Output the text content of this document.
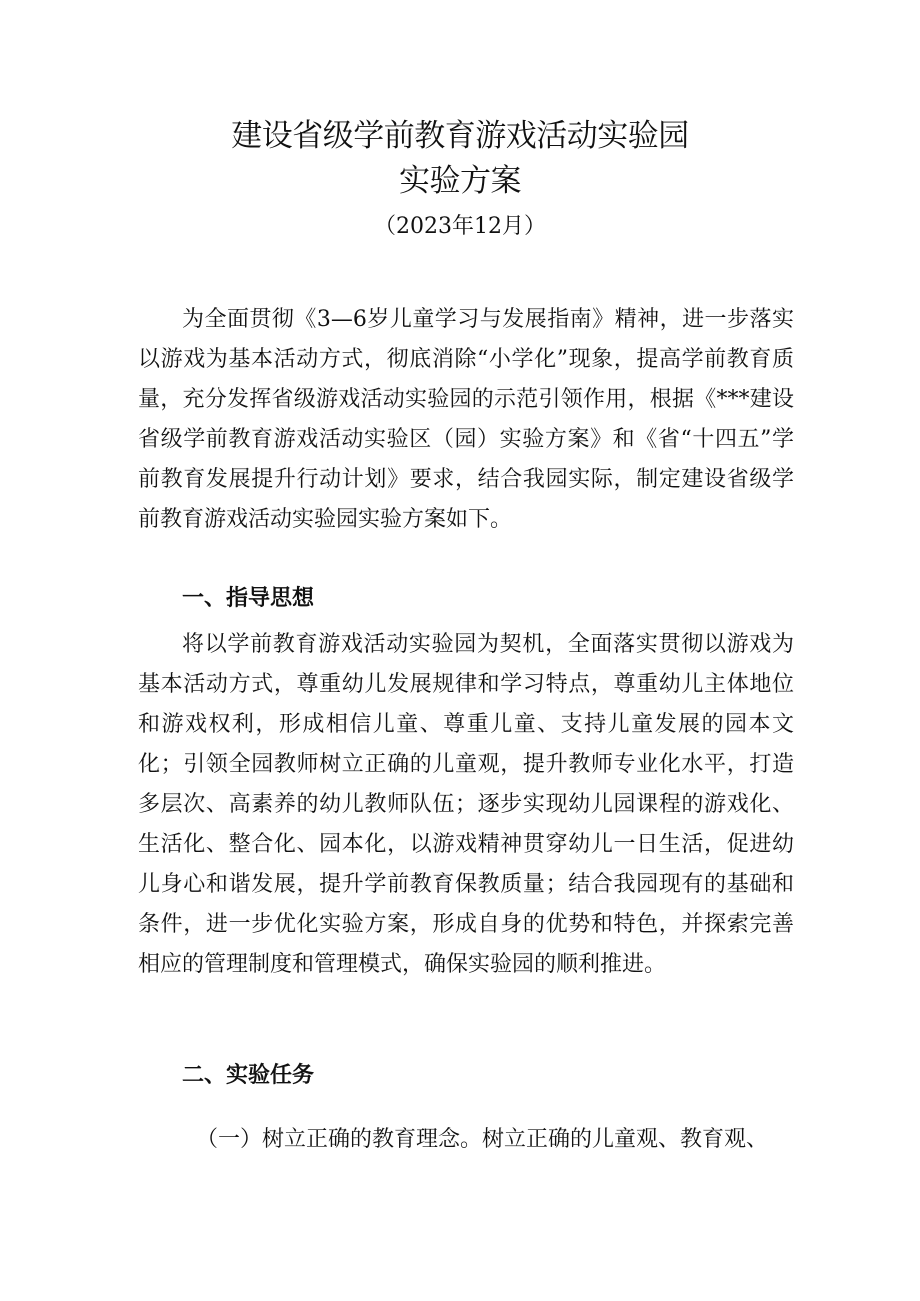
建设省级学前教育游戏活动实验园
实验方案
（2023年12月）

为全面贯彻《3—6岁儿童学习与发展指南》精神，进一步落实以游戏为基本活动方式，彻底消除“小学化”现象，提高学前教育质量，充分发挥省级游戏活动实验园的示范引领作用，根据《***建设省级学前教育游戏活动实验区（园）实验方案》和《省“十四五”学前教育发展提升行动计划》要求，结合我园实际，制定建设省级学前教育游戏活动实验园实验方案如下。

一、指导思想

将以学前教育游戏活动实验园为契机，全面落实贯彻以游戏为基本活动方式，尊重幼儿发展规律和学习特点，尊重幼儿主体地位和游戏权利，形成相信儿童、尊重儿童、支持儿童发展的园本文化；引领全园教师树立正确的儿童观，提升教师专业化水平，打造多层次、高素养的幼儿教师队伍；逐步实现幼儿园课程的游戏化、生活化、整合化、园本化，以游戏精神贯穿幼儿一日生活，促进幼儿身心和谐发展，提升学前教育保教质量；结合我园现有的基础和条件，进一步优化实验方案，形成自身的优势和特色，并探索完善相应的管理制度和管理模式，确保实验园的顺利推进。

二、实验任务

（一）树立正确的教育理念。树立正确的儿童观、教育观、
